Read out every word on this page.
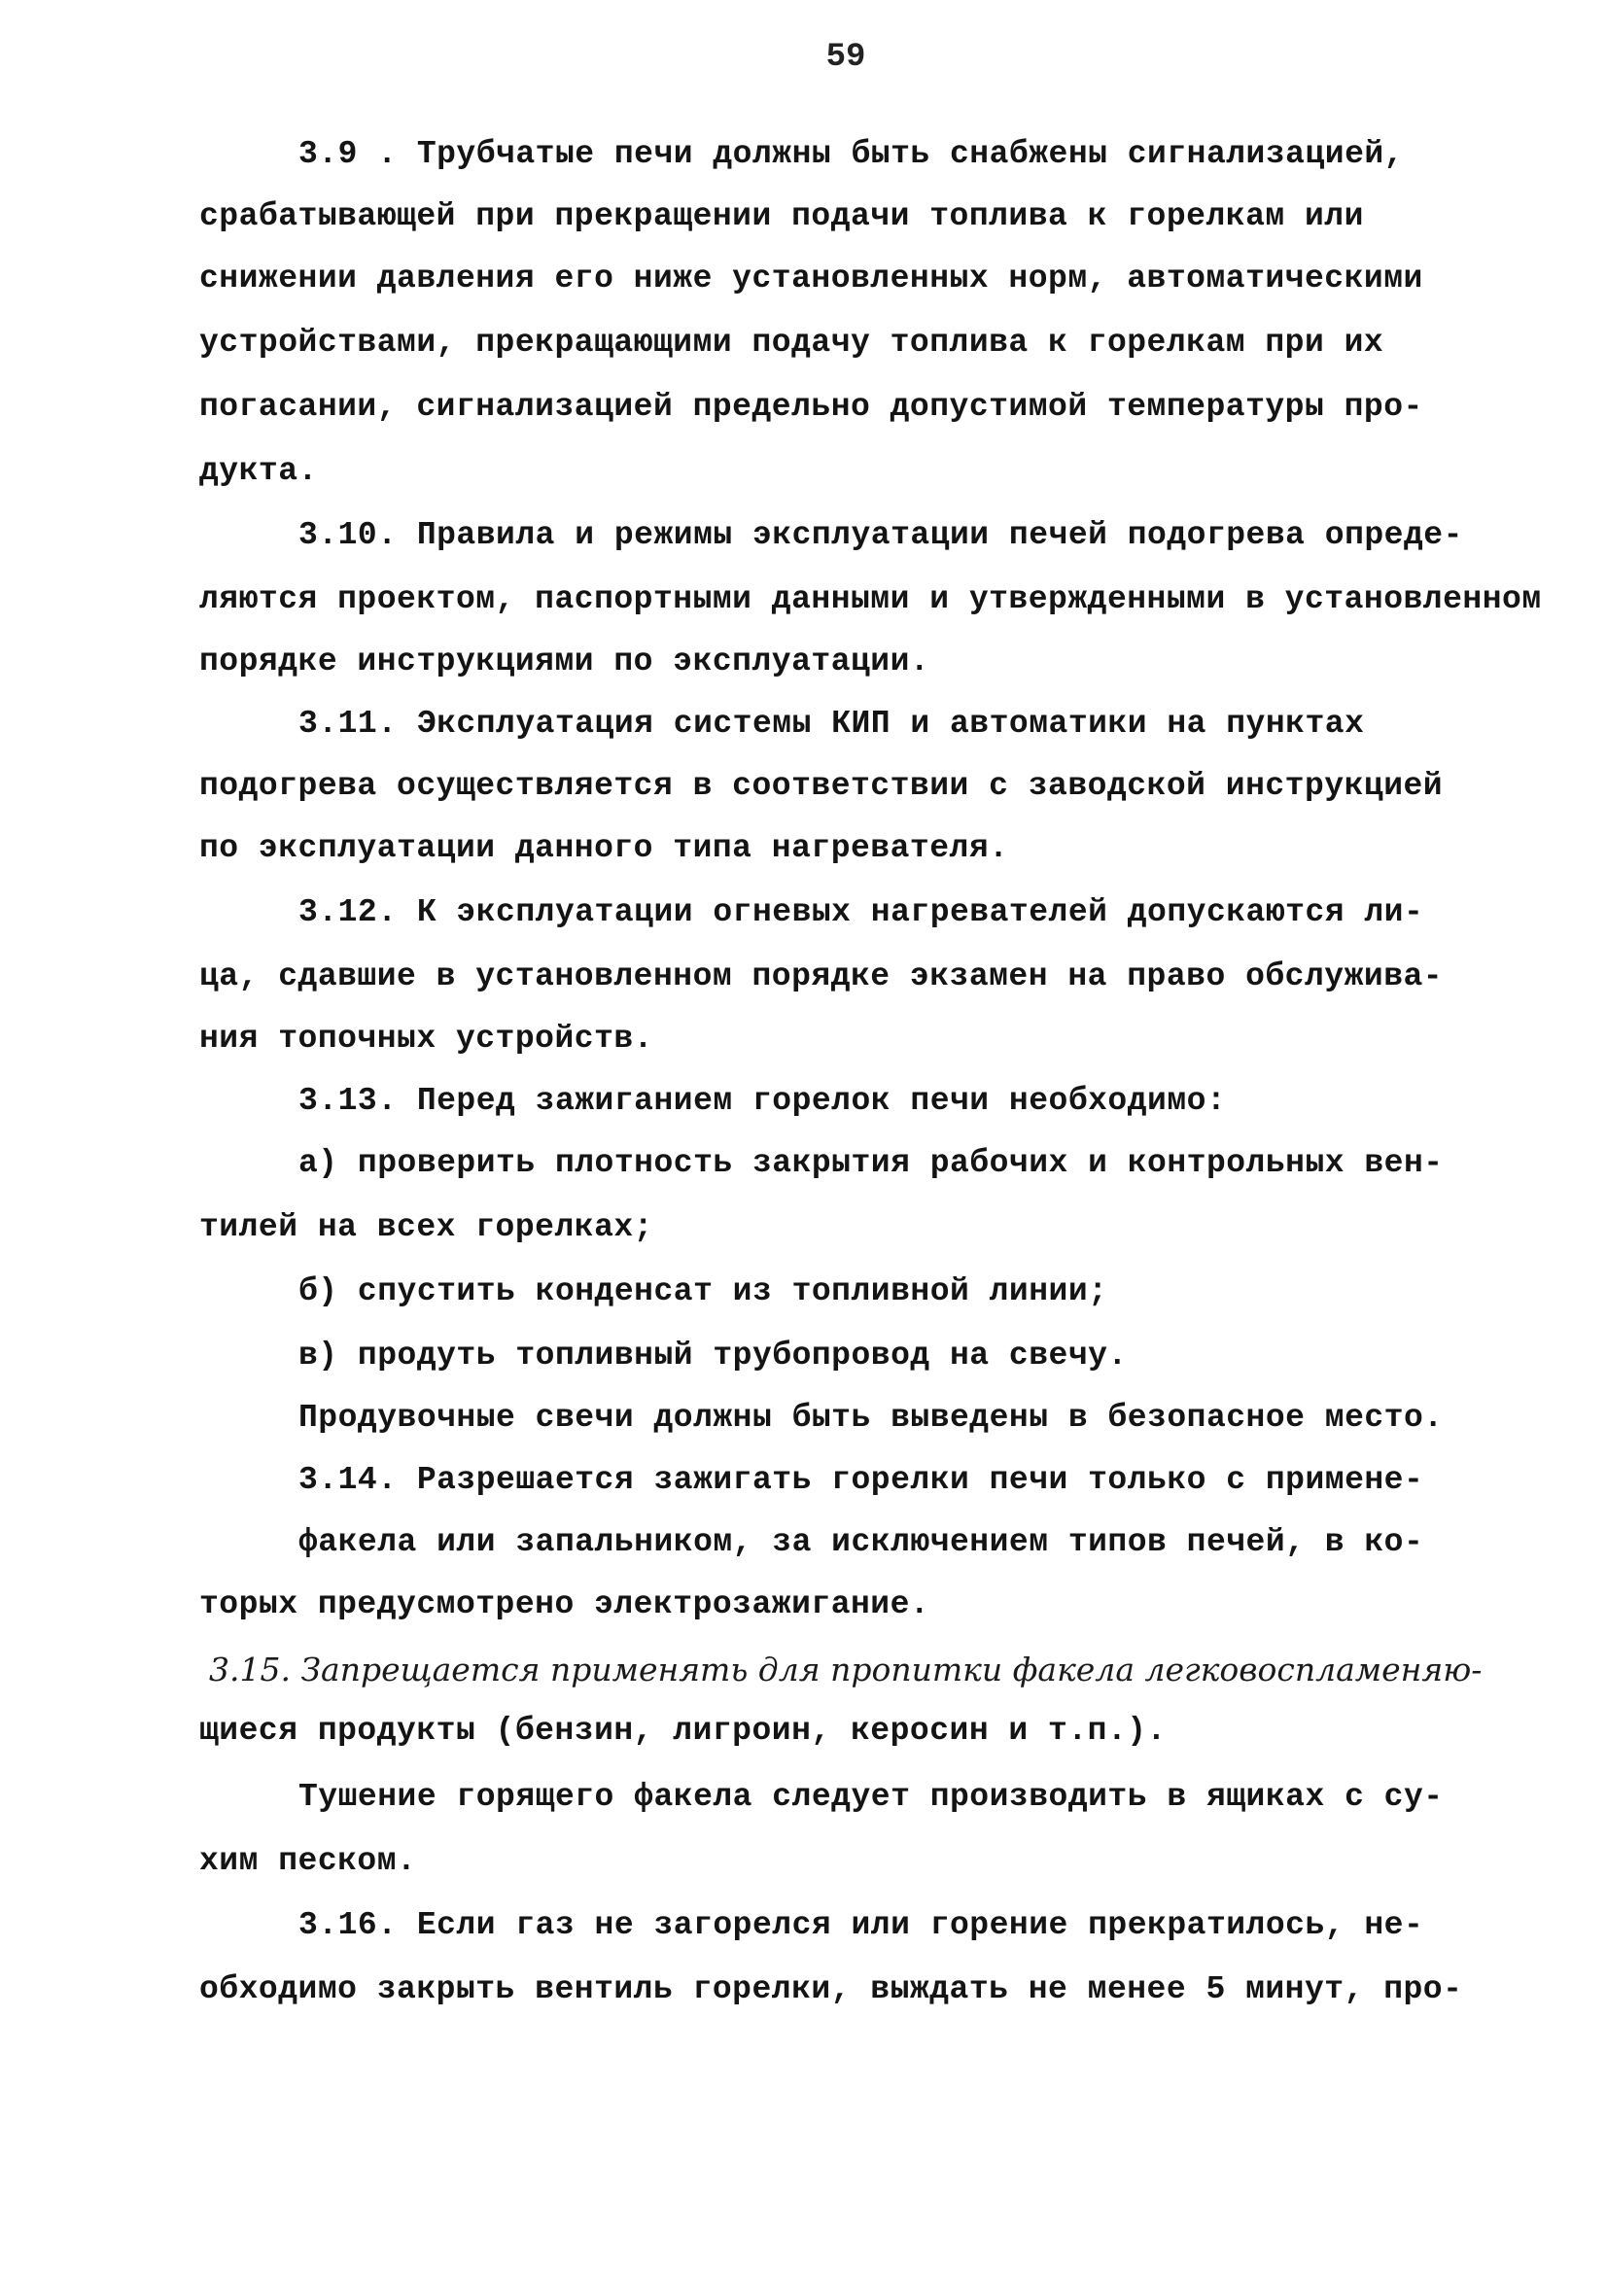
59
3.9 . Трубчатые печи должны быть снабжены сигнализацией,
срабатывающей при прекращении подачи топлива к горелкам или
снижении давления его ниже установленных норм, автоматическими
устройствами, прекращающими подачу топлива к горелкам при их
погасании, сигнализацией предельно допустимой температуры про-
дукта.
3.10. Правила и режимы эксплуатации печей подогрева опреде-
ляются проектом, паспортными данными и утвержденными в установленном
порядке инструкциями по эксплуатации.
3.11. Эксплуатация системы КИП и автоматики на пунктах
подогрева осуществляется в соответствии с заводской инструкцией
по эксплуатации данного типа нагревателя.
3.12. К эксплуатации огневых нагревателей допускаются ли-
ца, сдавшие в установленном порядке экзамен на право обслужива-
ния топочных устройств.
3.13. Перед зажиганием горелок печи необходимо:
а) проверить плотность закрытия рабочих и контрольных вен-
тилей на всех горелках;
б) спустить конденсат из топливной линии;
в) продуть топливный трубопровод на свечу.
Продувочные свечи должны быть выведены в безопасное место.
3.14. Разрешается зажигать горелки печи только с примене-
факела или запальником, за исключением типов печей, в ко-
торых предусмотрено электрозажигание.
3.15. Запрещается применять для пропитки факела легковоспламеняю-
щиеся продукты (бензин, лигроин, керосин и т.п.).
Тушение горящего факела следует производить в ящиках с су-
хим песком.
3.16. Если газ не загорелся или горение прекратилось, не-
обходимо закрыть вентиль горелки, выждать не менее 5 минут, про-
